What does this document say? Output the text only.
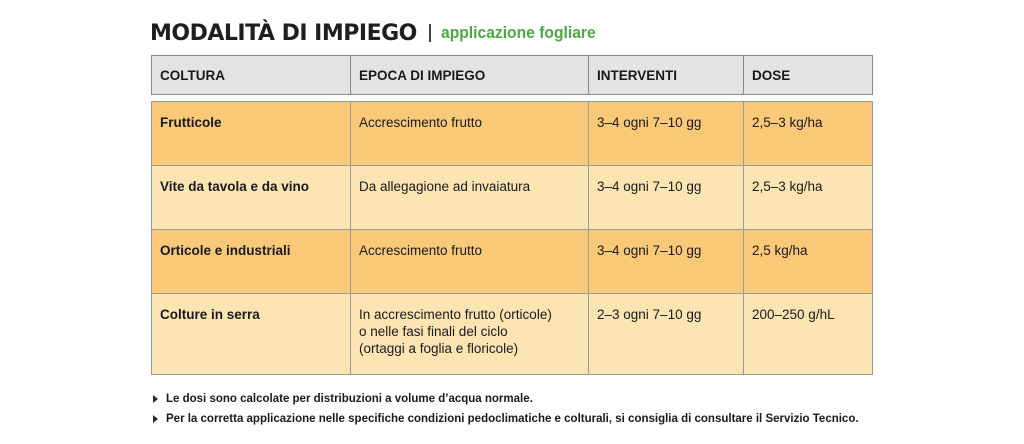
MODALITÀ DI IMPIEGO applicazione fogliare
COLTURA	EPOCA DI IMPIEGO	INTERVENTI	DOSE

Frutticole	Accrescimento frutto	3–4 ogni 7–10 gg	2,5–3 kg/ha
Vite da tavola e da vino	Da allegagione ad invaiatura	3–4 ogni 7–10 gg	2,5–3 kg/ha
Orticole e industriali	Accrescimento frutto	3–4 ogni 7–10 gg	2,5 kg/ha
Colture in serra	In accrescimento frutto (orticole)
o nelle fasi finali del ciclo
(ortaggi a foglia e floricole)	2–3 ogni 7–10 gg	200–250 g/hL
Le dosi sono calcolate per distribuzioni a volume d’acqua normale.
Per la corretta applicazione nelle specifiche condizioni pedoclimatiche e colturali, si consiglia di consultare il Servizio Tecnico.
